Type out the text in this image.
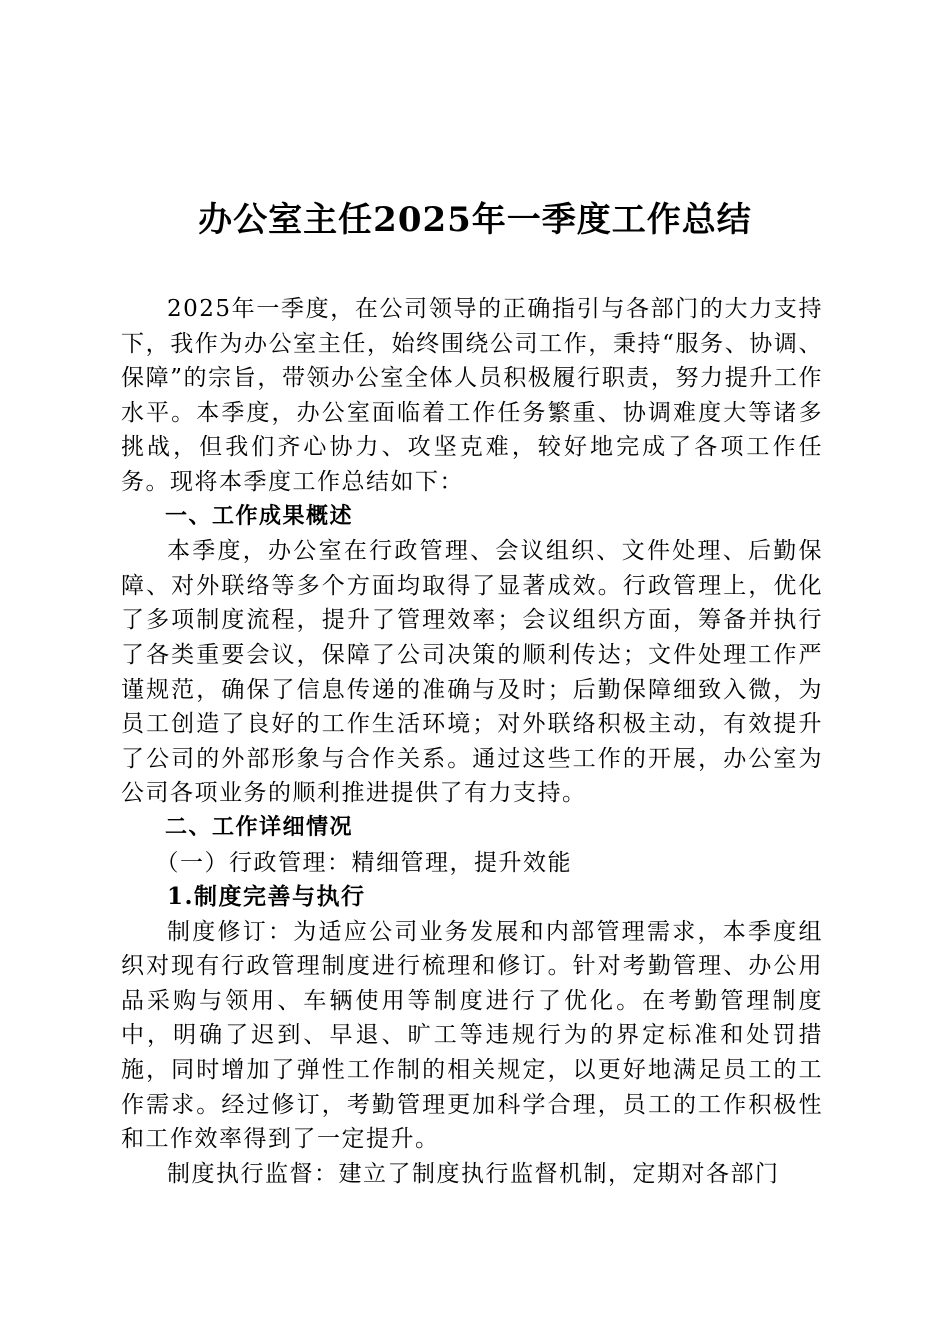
办公室主任2025年一季度工作总结

2025年一季度，在公司领导的正确指引与各部门的大力支持下，我作为办公室主任，始终围绕公司工作，秉持“服务、协调、保障”的宗旨，带领办公室全体人员积极履行职责，努力提升工作水平。本季度，办公室面临着工作任务繁重、协调难度大等诸多挑战，但我们齐心协力、攻坚克难，较好地完成了各项工作任务。现将本季度工作总结如下：

一、工作成果概述

本季度，办公室在行政管理、会议组织、文件处理、后勤保障、对外联络等多个方面均取得了显著成效。行政管理上，优化了多项制度流程，提升了管理效率；会议组织方面，筹备并执行了各类重要会议，保障了公司决策的顺利传达；文件处理工作严谨规范，确保了信息传递的准确与及时；后勤保障细致入微，为员工创造了良好的工作生活环境；对外联络积极主动，有效提升了公司的外部形象与合作关系。通过这些工作的开展，办公室为公司各项业务的顺利推进提供了有力支持。

二、工作详细情况

（一）行政管理：精细管理，提升效能

1.制度完善与执行

制度修订：为适应公司业务发展和内部管理需求，本季度组织对现有行政管理制度进行梳理和修订。针对考勤管理、办公用品采购与领用、车辆使用等制度进行了优化。在考勤管理制度中，明确了迟到、早退、旷工等违规行为的界定标准和处罚措施，同时增加了弹性工作制的相关规定，以更好地满足员工的工作需求。经过修订，考勤管理更加科学合理，员工的工作积极性和工作效率得到了一定提升。

制度执行监督：建立了制度执行监督机制，定期对各部门
